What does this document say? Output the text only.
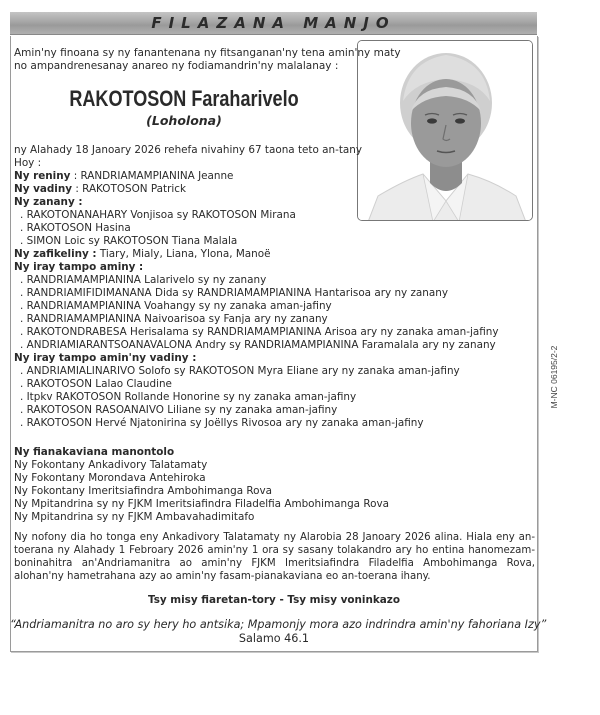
FILAZANA MANJO
Amin'ny finoana sy ny fanantenana ny fitsanganan'ny tena amin'ny maty
no ampandrenesanay anareo ny fodiamandrin'ny malalanay :
RAKOTOSON Faraharivelo
(Loholona)
ny Alahady 18 Janoary 2026 rehefa nivahiny 67 taona teto an-tany
Hoy :
Ny reniny : RANDRIAMAMPIANINA Jeanne
Ny vadiny : RAKOTOSON Patrick
Ny zanany :
. RAKOTONANAHARY Vonjisoa sy RAKOTOSON Mirana
. RAKOTOSON Hasina
. SIMON Loic sy RAKOTOSON Tiana Malala
Ny zafikeliny : Tiary, Mialy, Liana, Ylona, Manoë
Ny iray tampo aminy :
. RANDRIAMAMPIANINA Lalarivelo sy ny zanany
. RANDRIAMIFIDIMANANA Dida sy RANDRIAMAMPIANINA Hantarisoa ary ny zanany
. RANDRIAMAMPIANINA Voahangy sy ny zanaka aman-jafiny
. RANDRIAMAMPIANINA Naivoarisoa sy Fanja ary ny zanany
. RAKOTONDRABESA Herisalama sy RANDRIAMAMPIANINA Arisoa ary ny zanaka aman-jafiny
. ANDRIAMIARANTSOANAVALONA Andry sy RANDRIAMAMPIANINA Faramalala ary ny zanany
Ny iray tampo amin'ny vadiny :
. ANDRIAMIALINARIVO Solofo sy RAKOTOSON Myra Eliane ary ny zanaka aman-jafiny
. RAKOTOSON Lalao Claudine
. Itpkv RAKOTOSON Rollande Honorine sy ny zanaka aman-jafiny
. RAKOTOSON RASOANAIVO Liliane sy ny zanaka aman-jafiny
. RAKOTOSON Hervé Njatonirina sy Joëllys Rivosoa ary ny zanaka aman-jafiny
Ny fianakaviana manontolo
Ny Fokontany Ankadivory Talatamaty
Ny Fokontany Morondava Antehiroka
Ny Fokontany Imeritsiafindra Ambohimanga Rova
Ny Mpitandrina sy ny FJKM Imeritsiafindra Filadelfia Ambohimanga Rova
Ny Mpitandrina sy ny FJKM Ambavahadimitafo
Ny nofony dia ho tonga eny Ankadivory Talatamaty ny Alarobia 28 Janoary 2026 alina. Hiala eny an-toerana ny Alahady 1 Febroary 2026 amin'ny 1 ora sy sasany tolakandro ary ho entina hanomezam-boninahitra an'Andriamanitra ao amin'ny FJKM Imeritsiafindra Filadelfia Ambohimanga Rova, alohan'ny hametrahana azy ao amin'ny fasam-pianakaviana eo an-toerana ihany.
Tsy misy fiaretan-tory - Tsy misy voninkazo
“Andriamanitra no aro sy hery ho antsika; Mpamonjy mora azo indrindra amin'ny fahoriana Izy”
Salamo 46.1
M-NC 06195/2-2
